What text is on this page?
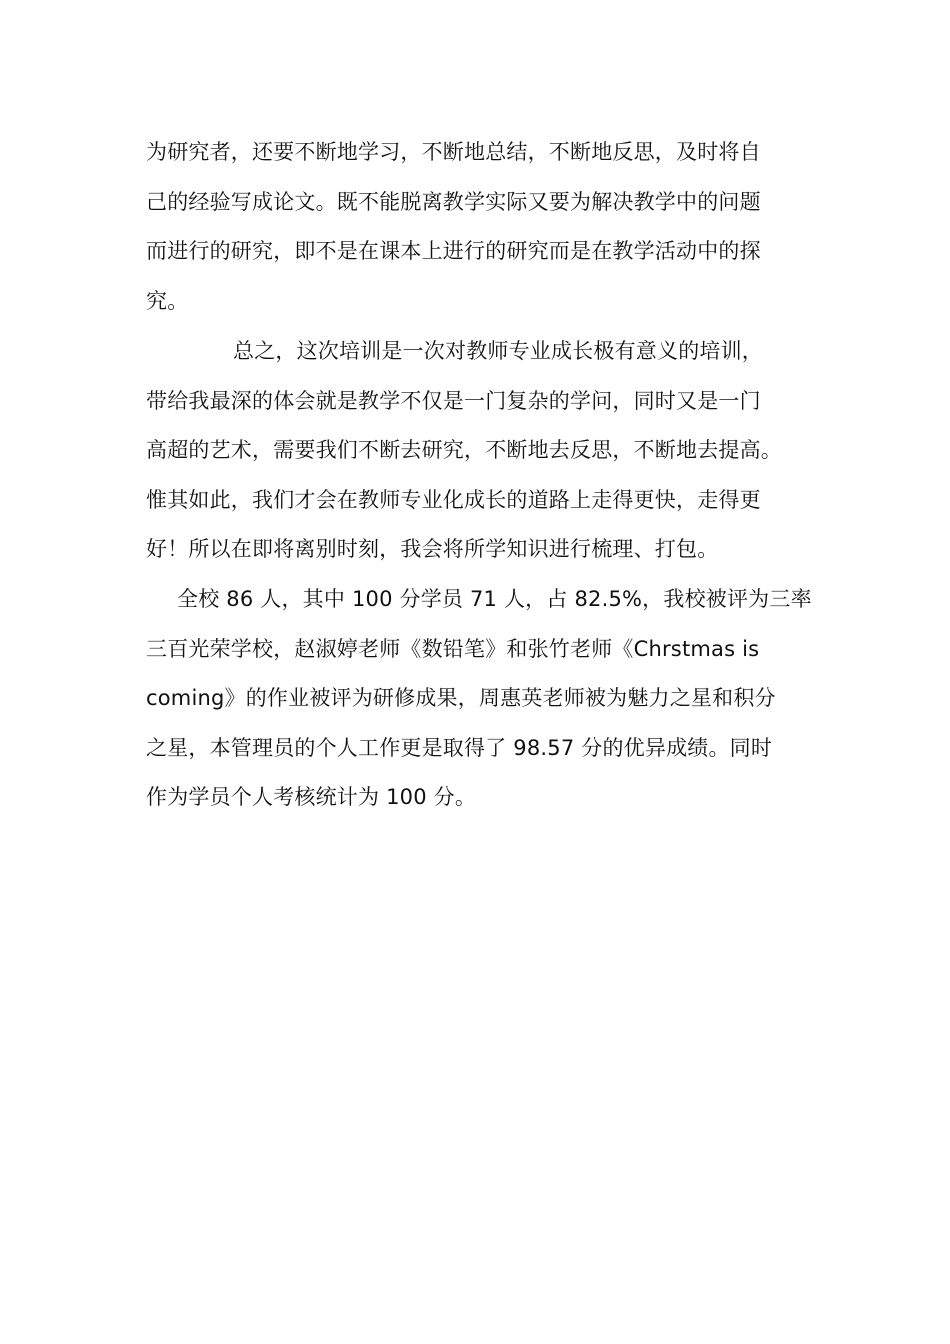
为研究者，还要不断地学习，不断地总结，不断地反思，及时将自
己的经验写成论文。既不能脱离教学实际又要为解决教学中的问题
而进行的研究，即不是在课本上进行的研究而是在教学活动中的探
究。
总之，这次培训是一次对教师专业成长极有意义的培训，
带给我最深的体会就是教学不仅是一门复杂的学问，同时又是一门
高超的艺术，需要我们不断去研究，不断地去反思，不断地去提高。
惟其如此，我们才会在教师专业化成长的道路上走得更快，走得更
好！所以在即将离别时刻，我会将所学知识进行梳理、打包。
全校 86 人，其中 100 分学员 71 人，占 82.5%，我校被评为三率
三百光荣学校，赵淑婷老师《数铅笔》和张竹老师《Chrstmas is
coming》的作业被评为研修成果，周惠英老师被为魅力之星和积分
之星，本管理员的个人工作更是取得了 98.57 分的优异成绩。同时
作为学员个人考核统计为 100 分。
